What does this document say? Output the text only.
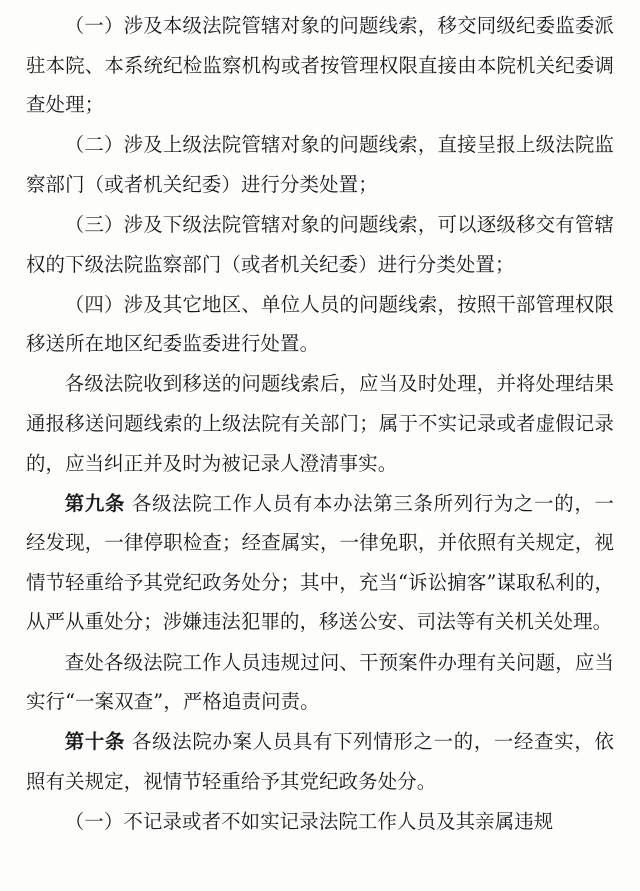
（一）涉及本级法院管辖对象的问题线索，移交同级纪委监委派驻本院、本系统纪检监察机构或者按管理权限直接由本院机关纪委调查处理；

（二）涉及上级法院管辖对象的问题线索，直接呈报上级法院监察部门（或者机关纪委）进行分类处置；

（三）涉及下级法院管辖对象的问题线索，可以逐级移交有管辖权的下级法院监察部门（或者机关纪委）进行分类处置；

（四）涉及其它地区、单位人员的问题线索，按照干部管理权限移送所在地区纪委监委进行处置。

各级法院收到移送的问题线索后，应当及时处理，并将处理结果通报移送问题线索的上级法院有关部门；属于不实记录或者虚假记录的，应当纠正并及时为被记录人澄清事实。

第九条 各级法院工作人员有本办法第三条所列行为之一的，一经发现，一律停职检查；经查属实，一律免职，并依照有关规定，视情节轻重给予其党纪政务处分；其中，充当“诉讼掮客”谋取私利的，从严从重处分；涉嫌违法犯罪的，移送公安、司法等有关机关处理。

查处各级法院工作人员违规过问、干预案件办理有关问题，应当实行“一案双查”，严格追责问责。

第十条 各级法院办案人员具有下列情形之一的，一经查实，依照有关规定，视情节轻重给予其党纪政务处分。

（一）不记录或者不如实记录法院工作人员及其亲属违规
